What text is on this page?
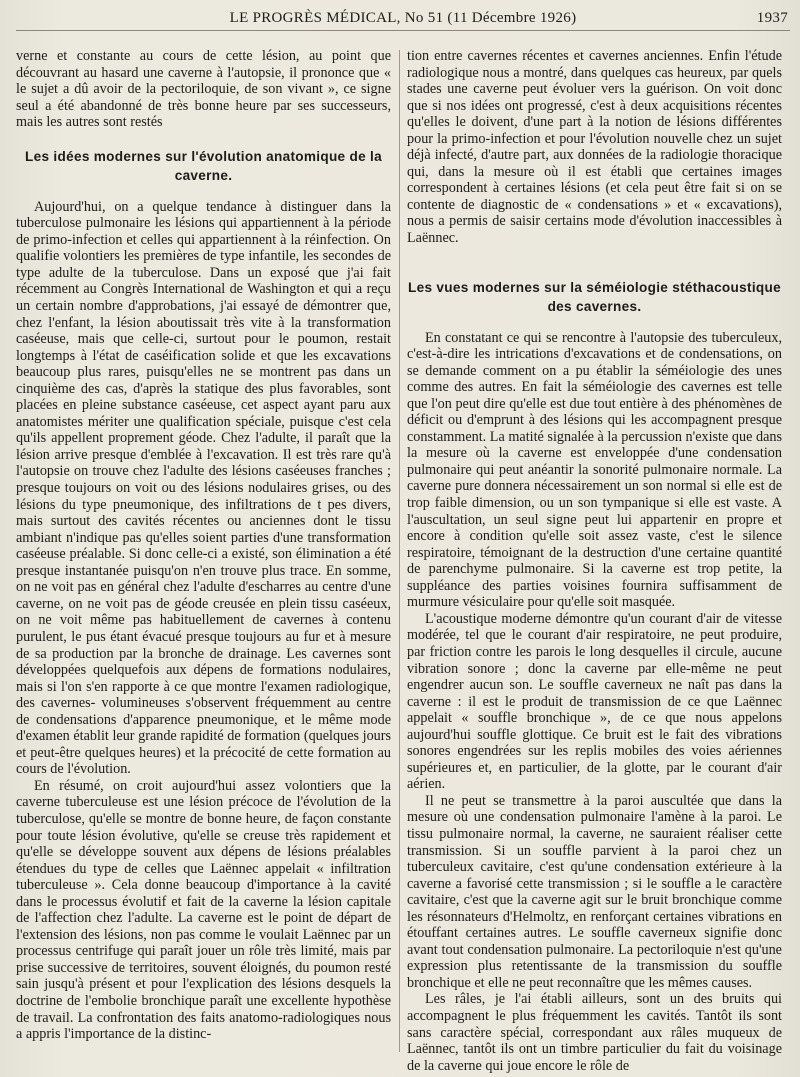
LE PROGRÈS MÉDICAL, No 51 (11 Décembre 1926)	1937

verne et constante au cours de cette lésion, au point que découvrant au hasard une caverne à l'autopsie, il prononce que « le sujet a dû avoir de la pectoriloquie, de son vivant », ce signe seul a été abandonné de très bonne heure par ses successeurs, mais les autres sont restés

Les idées modernes sur l'évolution anatomique de la caverne.

Aujourd'hui, on a quelque tendance à distinguer dans la tuberculose pulmonaire les lésions qui appartiennent à la période de primo-infection et celles qui appartiennent à la réinfection. On qualifie volontiers les premières de type infantile, les secondes de type adulte de la tuberculose. Dans un exposé que j'ai fait récemment au Congrès International de Washington et qui a reçu un certain nombre d'approbations, j'ai essayé de démontrer que, chez l'enfant, la lésion aboutissait très vite à la transformation caséeuse, mais que celle-ci, surtout pour le poumon, restait longtemps à l'état de caséification solide et que les excavations beaucoup plus rares, puisqu'elles ne se montrent pas dans un cinquième des cas, d'après la statique des plus favorables, sont placées en pleine substance caséeuse, cet aspect ayant paru aux anatomistes mériter une qualification spéciale, puisque c'est cela qu'ils appellent proprement géode. Chez l'adulte, il paraît que la lésion arrive presque d'emblée à l'excavation. Il est très rare qu'à l'autopsie on trouve chez l'adulte des lésions caséeuses franches ; presque toujours on voit ou des lésions nodulaires grises, ou des lésions du type pneumonique, des infiltrations de t pes divers, mais surtout des cavités récentes ou anciennes dont le tissu ambiant n'indique pas qu'elles soient parties d'une transformation caséeuse préalable. Si donc celle-ci a existé, son élimination a été presque instantanée puisqu'on n'en trouve plus trace. En somme, on ne voit pas en général chez l'adulte d'escharres au centre d'une caverne, on ne voit pas de géode creusée en plein tissu caséeux, on ne voit même pas habituellement de cavernes à contenu purulent, le pus étant évacué presque toujours au fur et à mesure de sa production par la bronche de drainage. Les cavernes sont développées quelquefois aux dépens de formations nodulaires, mais si l'on s'en rapporte à ce que montre l'examen radiologique, des cavernes- volumineuses s'observent fréquemment au centre de condensations d'apparence pneumonique, et le même mode d'examen établit leur grande rapidité de formation (quelques jours et peut-être quelques heures) et la précocité de cette formation au cours de l'évolution.

En résumé, on croit aujourd'hui assez volontiers que la caverne tuberculeuse est une lésion précoce de l'évolution de la tuberculose, qu'elle se montre de bonne heure, de façon constante pour toute lésion évolutive, qu'elle se creuse très rapidement et qu'elle se développe souvent aux dépens de lésions préalables étendues du type de celles que Laënnec appelait « infiltration tuberculeuse ». Cela donne beaucoup d'importance à la cavité dans le processus évolutif et fait de la caverne la lésion capitale de l'affection chez l'adulte. La caverne est le point de départ de l'extension des lésions, non pas comme le voulait Laënnec par un processus centrifuge qui paraît jouer un rôle très limité, mais par prise successive de territoires, souvent éloignés, du poumon resté sain jusqu'à présent et pour l'explication des lésions desquels la doctrine de l'embolie bronchique paraît une excellente hypothèse de travail. La confrontation des faits anatomo-radiologiques nous a appris l'importance de la distinc-

tion entre cavernes récentes et cavernes anciennes. Enfin l'étude radiologique nous a montré, dans quelques cas heureux, par quels stades une caverne peut évoluer vers la guérison. On voit donc que si nos idées ont progressé, c'est à deux acquisitions récentes qu'elles le doivent, d'une part à la notion de lésions différentes pour la primo-infection et pour l'évolution nouvelle chez un sujet déjà infecté, d'autre part, aux données de la radiologie thoracique qui, dans la mesure où il est établi que certaines images correspondent à certaines lésions (et cela peut être fait si on se contente de diagnostic de « condensations » et « excavations), nous a permis de saisir certains mode d'évolution inaccessibles à Laënnec.

Les vues modernes sur la séméiologie stéthacoustique des cavernes.

En constatant ce qui se rencontre à l'autopsie des tuberculeux, c'est-à-dire les intrications d'excavations et de condensations, on se demande comment on a pu établir la séméiologie des unes comme des autres. En fait la séméiologie des cavernes est telle que l'on peut dire qu'elle est due tout entière à des phénomènes de déficit ou d'emprunt à des lésions qui les accompagnent presque constamment. La matité signalée à la percussion n'existe que dans la mesure où la caverne est enveloppée d'une condensation pulmonaire qui peut anéantir la sonorité pulmonaire normale. La caverne pure donnera nécessairement un son normal si elle est de trop faible dimension, ou un son tympanique si elle est vaste. A l'auscultation, un seul signe peut lui appartenir en propre et encore à condition qu'elle soit assez vaste, c'est le silence respiratoire, témoignant de la destruction d'une certaine quantité de parenchyme pulmonaire. Si la caverne est trop petite, la suppléance des parties voisines fournira suffisamment de murmure vésiculaire pour qu'elle soit masquée.

L'acoustique moderne démontre qu'un courant d'air de vitesse modérée, tel que le courant d'air respiratoire, ne peut produire, par friction contre les parois le long desquelles il circule, aucune vibration sonore ; donc la caverne par elle-même ne peut engendrer aucun son. Le souffle caverneux ne naît pas dans la caverne : il est le produit de transmission de ce que Laënnec appelait « souffle bronchique », de ce que nous appelons aujourd'hui souffle glottique. Ce bruit est le fait des vibrations sonores engendrées sur les replis mobiles des voies aériennes supérieures et, en particulier, de la glotte, par le courant d'air aérien.

Il ne peut se transmettre à la paroi auscultée que dans la mesure où une condensation pulmonaire l'amène à la paroi. Le tissu pulmonaire normal, la caverne, ne sauraient réaliser cette transmission. Si un souffle parvient à la paroi chez un tuberculeux cavitaire, c'est qu'une condensation extérieure à la caverne a favorisé cette transmission ; si le souffle a le caractère cavitaire, c'est que la caverne agit sur le bruit bronchique comme les résonnateurs d'Helmoltz, en renforçant certaines vibrations en étouffant certaines autres. Le souffle caverneux signifie donc avant tout condensation pulmonaire. La pectoriloquie n'est qu'une expression plus retentissante de la transmission du souffle bronchique et elle ne peut reconnaître que les mêmes causes.

Les râles, je l'ai établi ailleurs, sont un des bruits qui accompagnent le plus fréquemment les cavités. Tantôt ils sont sans caractère spécial, correspondant aux râles muqueux de Laënnec, tantôt ils ont un timbre particulier du fait du voisinage de la caverne qui joue encore le rôle de
